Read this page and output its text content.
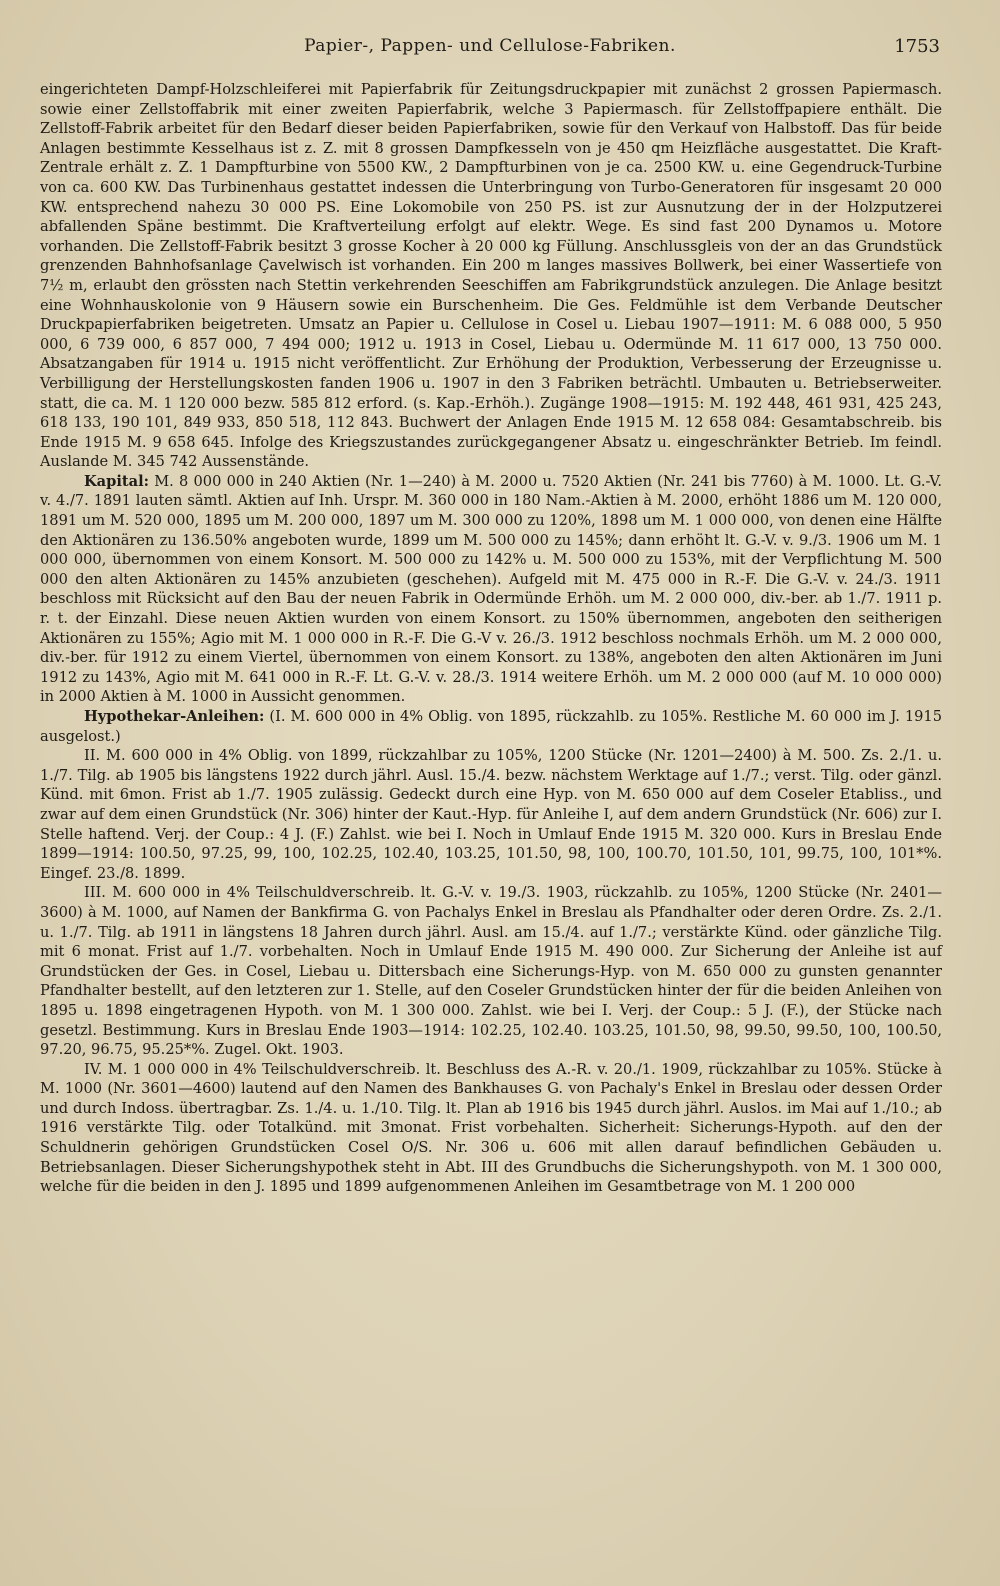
Papier-, Pappen- und Cellulose-Fabriken.	1753

eingerichteten Dampf-Holzschleiferei mit Papierfabrik für Zeitungsdruckpapier mit zunächst 2 grossen Papiermasch. sowie einer Zellstoffabrik mit einer zweiten Papierfabrik, welche 3 Papiermasch. für Zellstoffpapiere enthält. Die Zellstoff-Fabrik arbeitet für den Bedarf dieser beiden Papierfabriken, sowie für den Verkauf von Halbstoff. Das für beide Anlagen bestimmte Kesselhaus ist z. Z. mit 8 grossen Dampfkesseln von je 450 qm Heizfläche ausgestattet. Die Kraft-Zentrale erhält z. Z. 1 Dampfturbine von 5500 KW., 2 Dampfturbinen von je ca. 2500 KW. u. eine Gegendruck-Turbine von ca. 600 KW. Das Turbinenhaus gestattet indessen die Unterbringung von Turbo-Generatoren für insgesamt 20 000 KW. entsprechend nahezu 30 000 PS. Eine Lokomobile von 250 PS. ist zur Ausnutzung der in der Holzputzerei abfallenden Späne bestimmt. Die Kraftverteilung erfolgt auf elektr. Wege. Es sind fast 200 Dynamos u. Motore vorhanden. Die Zellstoff-Fabrik besitzt 3 grosse Kocher à 20 000 kg Füllung. Anschlussgleis von der an das Grundstück grenzenden Bahnhofsanlage Çavelwisch ist vorhanden. Ein 200 m langes massives Bollwerk, bei einer Wassertiefe von 7½ m, erlaubt den grössten nach Stettin verkehrenden Seeschiffen am Fabrikgrundstück anzulegen. Die Anlage besitzt eine Wohnhauskolonie von 9 Häusern sowie ein Burschenheim. Die Ges. Feldmühle ist dem Verbande Deutscher Druckpapierfabriken beigetreten. Umsatz an Papier u. Cellulose in Cosel u. Liebau 1907—1911: M. 6 088 000, 5 950 000, 6 739 000, 6 857 000, 7 494 000; 1912 u. 1913 in Cosel, Liebau u. Odermünde M. 11 617 000, 13 750 000. Absatzangaben für 1914 u. 1915 nicht veröffentlicht. Zur Erhöhung der Produktion, Verbesserung der Erzeugnisse u. Verbilligung der Herstellungskosten fanden 1906 u. 1907 in den 3 Fabriken beträchtl. Umbauten u. Betriebserweiter. statt, die ca. M. 1 120 000 bezw. 585 812 erford. (s. Kap.-Erhöh.). Zugänge 1908—1915: M. 192 448, 461 931, 425 243, 618 133, 190 101, 849 933, 850 518, 112 843. Buchwert der Anlagen Ende 1915 M. 12 658 084: Gesamtabschreib. bis Ende 1915 M. 9 658 645. Infolge des Kriegszustandes zurückgegangener Absatz u. eingeschränkter Betrieb. Im feindl. Auslande M. 345 742 Aussenstände.

Kapital: M. 8 000 000 in 240 Aktien (Nr. 1—240) à M. 2000 u. 7520 Aktien (Nr. 241 bis 7760) à M. 1000. Lt. G.-V. v. 4./7. 1891 lauten sämtl. Aktien auf Inh. Urspr. M. 360 000 in 180 Nam.-Aktien à M. 2000, erhöht 1886 um M. 120 000, 1891 um M. 520 000, 1895 um M. 200 000, 1897 um M. 300 000 zu 120%, 1898 um M. 1 000 000, von denen eine Hälfte den Aktionären zu 136.50% angeboten wurde, 1899 um M. 500 000 zu 145%; dann erhöht lt. G.-V. v. 9./3. 1906 um M. 1 000 000, übernommen von einem Konsort. M. 500 000 zu 142% u. M. 500 000 zu 153%, mit der Verpflichtung M. 500 000 den alten Aktionären zu 145% anzubieten (geschehen). Aufgeld mit M. 475 000 in R.-F. Die G.-V. v. 24./3. 1911 beschloss mit Rücksicht auf den Bau der neuen Fabrik in Odermünde Erhöh. um M. 2 000 000, div.-ber. ab 1./7. 1911 p. r. t. der Einzahl. Diese neuen Aktien wurden von einem Konsort. zu 150% übernommen, angeboten den seitherigen Aktionären zu 155%; Agio mit M. 1 000 000 in R.-F. Die G.-V v. 26./3. 1912 beschloss nochmals Erhöh. um M. 2 000 000, div.-ber. für 1912 zu einem Viertel, übernommen von einem Konsort. zu 138%, angeboten den alten Aktionären im Juni 1912 zu 143%, Agio mit M. 641 000 in R.-F. Lt. G.-V. v. 28./3. 1914 weitere Erhöh. um M. 2 000 000 (auf M. 10 000 000) in 2000 Aktien à M. 1000 in Aussicht genommen.

Hypothekar-Anleihen: (I. M. 600 000 in 4% Oblig. von 1895, rückzahlb. zu 105%. Restliche M. 60 000 im J. 1915 ausgelost.)

II. M. 600 000 in 4% Oblig. von 1899, rückzahlbar zu 105%, 1200 Stücke (Nr. 1201—2400) à M. 500. Zs. 2./1. u. 1./7. Tilg. ab 1905 bis längstens 1922 durch jährl. Ausl. 15./4. bezw. nächstem Werktage auf 1./7.; verst. Tilg. oder gänzl. Künd. mit 6mon. Frist ab 1./7. 1905 zulässig. Gedeckt durch eine Hyp. von M. 650 000 auf dem Coseler Etabliss., und zwar auf dem einen Grundstück (Nr. 306) hinter der Kaut.-Hyp. für Anleihe I, auf dem andern Grundstück (Nr. 606) zur I. Stelle haftend. Verj. der Coup.: 4 J. (F.) Zahlst. wie bei I. Noch in Umlauf Ende 1915 M. 320 000. Kurs in Breslau Ende 1899—1914: 100.50, 97.25, 99, 100, 102.25, 102.40, 103.25, 101.50, 98, 100, 100.70, 101.50, 101, 99.75, 100, 101*%. Eingef. 23./8. 1899.

III. M. 600 000 in 4% Teilschuldverschreib. lt. G.-V. v. 19./3. 1903, rückzahlb. zu 105%, 1200 Stücke (Nr. 2401—3600) à M. 1000, auf Namen der Bankfirma G. von Pachalys Enkel in Breslau als Pfandhalter oder deren Ordre. Zs. 2./1. u. 1./7. Tilg. ab 1911 in längstens 18 Jahren durch jährl. Ausl. am 15./4. auf 1./7.; verstärkte Künd. oder gänzliche Tilg. mit 6 monat. Frist auf 1./7. vorbehalten. Noch in Umlauf Ende 1915 M. 490 000. Zur Sicherung der Anleihe ist auf Grundstücken der Ges. in Cosel, Liebau u. Dittersbach eine Sicherungs-Hyp. von M. 650 000 zu gunsten genannter Pfandhalter bestellt, auf den letzteren zur 1. Stelle, auf den Coseler Grundstücken hinter der für die beiden Anleihen von 1895 u. 1898 eingetragenen Hypoth. von M. 1 300 000. Zahlst. wie bei I. Verj. der Coup.: 5 J. (F.), der Stücke nach gesetzl. Bestimmung. Kurs in Breslau Ende 1903—1914: 102.25, 102.40. 103.25, 101.50, 98, 99.50, 99.50, 100, 100.50, 97.20, 96.75, 95.25*%. Zugel. Okt. 1903.

IV. M. 1 000 000 in 4% Teilschuldverschreib. lt. Beschluss des A.-R. v. 20./1. 1909, rückzahlbar zu 105%. Stücke à M. 1000 (Nr. 3601—4600) lautend auf den Namen des Bankhauses G. von Pachaly's Enkel in Breslau oder dessen Order und durch Indoss. übertragbar. Zs. 1./4. u. 1./10. Tilg. lt. Plan ab 1916 bis 1945 durch jährl. Auslos. im Mai auf 1./10.; ab 1916 verstärkte Tilg. oder Totalkünd. mit 3monat. Frist vorbehalten. Sicherheit: Sicherungs-Hypoth. auf den der Schuldnerin gehörigen Grundstücken Cosel O/S. Nr. 306 u. 606 mit allen darauf befindlichen Gebäuden u. Betriebsanlagen. Dieser Sicherungshypothek steht in Abt. III des Grundbuchs die Sicherungshypoth. von M. 1 300 000, welche für die beiden in den J. 1895 und 1899 aufgenommenen Anleihen im Gesamtbetrage von M. 1 200 000
